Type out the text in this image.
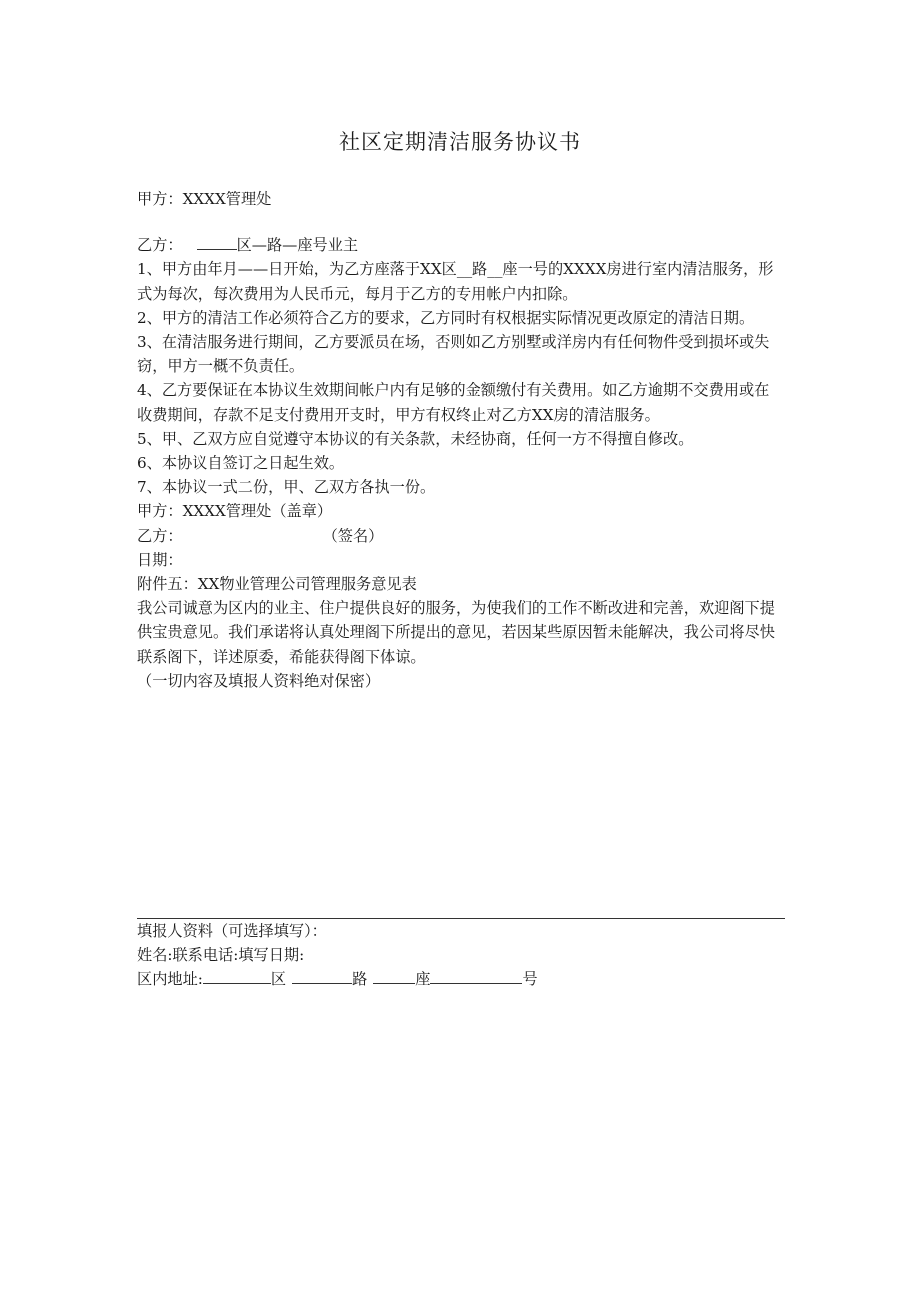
社区定期清洁服务协议书

甲方：XXXX管理处

乙方：	区—路—座号业主

1、甲方由年月——日开始，为乙方座落于XX区__路__座一号的XXXX房进行室内清洁服务，形式为每次，每次费用为人民币元，每月于乙方的专用帐户内扣除。

2、甲方的清洁工作必须符合乙方的要求，乙方同时有权根据实际情况更改原定的清洁日期。

3、在清洁服务进行期间，乙方要派员在场，否则如乙方别墅或洋房内有任何物件受到损坏或失窃，甲方一概不负责任。

4、乙方要保证在本协议生效期间帐户内有足够的金额缴付有关费用。如乙方逾期不交费用或在收费期间，存款不足支付费用开支时，甲方有权终止对乙方XX房的清洁服务。

5、甲、乙双方应自觉遵守本协议的有关条款，未经协商，任何一方不得擅自修改。

6、本协议自签订之日起生效。

7、本协议一式二份，甲、乙双方各执一份。

甲方：XXXX管理处（盖章）

乙方：	（签名）

日期：

附件五：XX物业管理公司管理服务意见表

我公司诚意为区内的业主、住户提供良好的服务，为使我们的工作不断改进和完善，欢迎阁下提供宝贵意见。我们承诺将认真处理阁下所提出的意见，若因某些原因暂未能解决，我公司将尽快联系阁下，详述原委，希能获得阁下体谅。

（一切内容及填报人资料绝对保密）

填报人资料（可选择填写）：

姓名:联系电话:填写日期:

区内地址:	区	路	座	号
